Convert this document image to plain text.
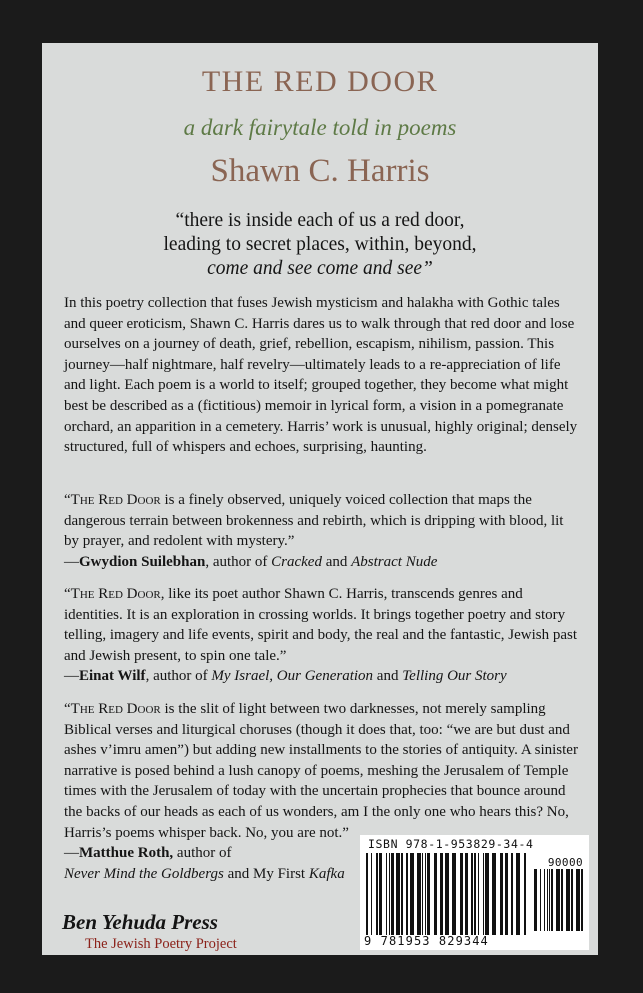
THE RED DOOR

a dark fairytale told in poems

Shawn C. Harris

“there is inside each of us a red door,
leading to secret places, within, beyond,
come and see come and see”

In this poetry collection that fuses Jewish mysticism and halakha with Gothic tales and queer eroticism, Shawn C. Harris dares us to walk through that red door and lose ourselves on a journey of death, grief, rebellion, escapism, nihilism, passion. This journey—half nightmare, half revelry—ultimately leads to a re-appreciation of life and light. Each poem is a world to itself; grouped together, they become what might best be described as a (fictitious) memoir in lyrical form, a vision in a pomegranate orchard, an apparition in a cemetery. Harris’ work is unusual, highly original; densely structured, full of whispers and echoes, surprising, haunting.

“The Red Door is a finely observed, uniquely voiced collection that maps the dangerous terrain between brokenness and rebirth, which is dripping with blood, lit by prayer, and redolent with mystery.”
—Gwydion Suilebhan, author of Cracked and Abstract Nude

“The Red Door, like its poet author Shawn C. Harris, transcends genres and identities. It is an exploration in crossing worlds. It brings together poetry and story telling, imagery and life events, spirit and body, the real and the fantastic, Jewish past and Jewish present, to spin one tale.”
—Einat Wilf, author of My Israel, Our Generation and Telling Our Story

“The Red Door is the slit of light between two darknesses, not merely sampling Biblical verses and liturgical choruses (though it does that, too: “we are but dust and ashes v’imru amen”) but adding new installments to the stories of antiquity. A sinister narrative is posed behind a lush canopy of poems, meshing the Jerusalem of Temple times with the Jerusalem of today with the uncertain prophecies that bounce around the backs of our heads as each of us wonders, am I the only one who hears this? No, Harris’s poems whisper back. No, you are not.”
—Matthue Roth, author of
Never Mind the Goldbergs and My First Kafka

ISBN 978-1-953829-34-4
90000
9 781953 829344

Ben Yehuda Press

The Jewish Poetry Project
